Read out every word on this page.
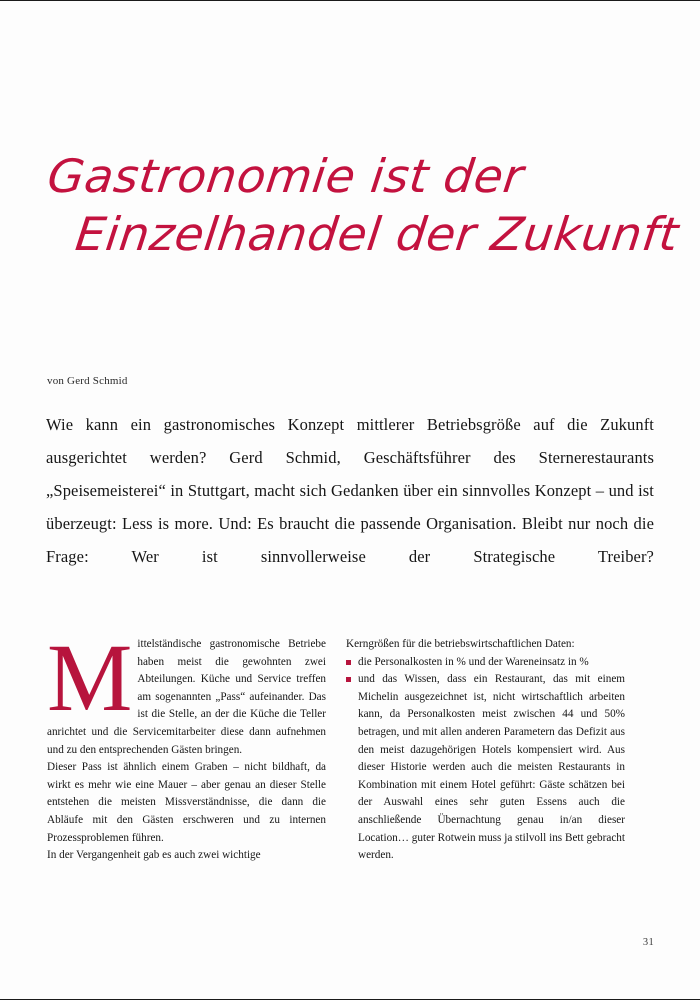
Gastronomie ist der
Einzelhandel der Zukunft
von Gerd Schmid
Wie kann ein gastronomisches Konzept mittlerer Betriebsgröße auf die Zukunft ausgerichtet werden? Gerd Schmid, Geschäftsführer des Sternerestaurants „Speisemeisterei“ in Stuttgart, macht sich Gedanken über ein sinnvolles Konzept – und ist überzeugt: Less is more. Und: Es braucht die passende Organisation. Bleibt nur noch die Frage: Wer ist sinnvollerweise der Strategische Treiber?

Mittelständische gastronomische Betriebe haben meist die gewohnten zwei Abteilungen. Küche und Service treffen am sogenannten „Pass“ aufeinander. Das ist die Stelle, an der die Küche die Teller anrichtet und die Servicemitarbeiter diese dann aufnehmen und zu den entsprechenden Gästen bringen.

Dieser Pass ist ähnlich einem Graben – nicht bildhaft, da wirkt es mehr wie eine Mauer – aber genau an dieser Stelle entstehen die meisten Missverständnisse, die dann die Abläufe mit den Gästen erschweren und zu internen Prozessproblemen führen.

In der Vergangenheit gab es auch zwei wichtige

Kerngrößen für die betriebswirtschaftlichen Daten:

die Personalkosten in % und der Wareneinsatz in %
und das Wissen, dass ein Restaurant, das mit einem Michelin ausgezeichnet ist, nicht wirtschaftlich arbeiten kann, da Personalkosten meist zwischen 44 und 50% betragen, und mit allen anderen Parametern das Defizit aus den meist dazugehörigen Hotels kompensiert wird. Aus dieser Historie werden auch die meisten Restaurants in Kombination mit einem Hotel geführt: Gäste schätzen bei der Auswahl eines sehr guten Essens auch die anschließende Übernachtung genau in/an dieser Location… guter Rotwein muss ja stilvoll ins Bett gebracht werden.
31
